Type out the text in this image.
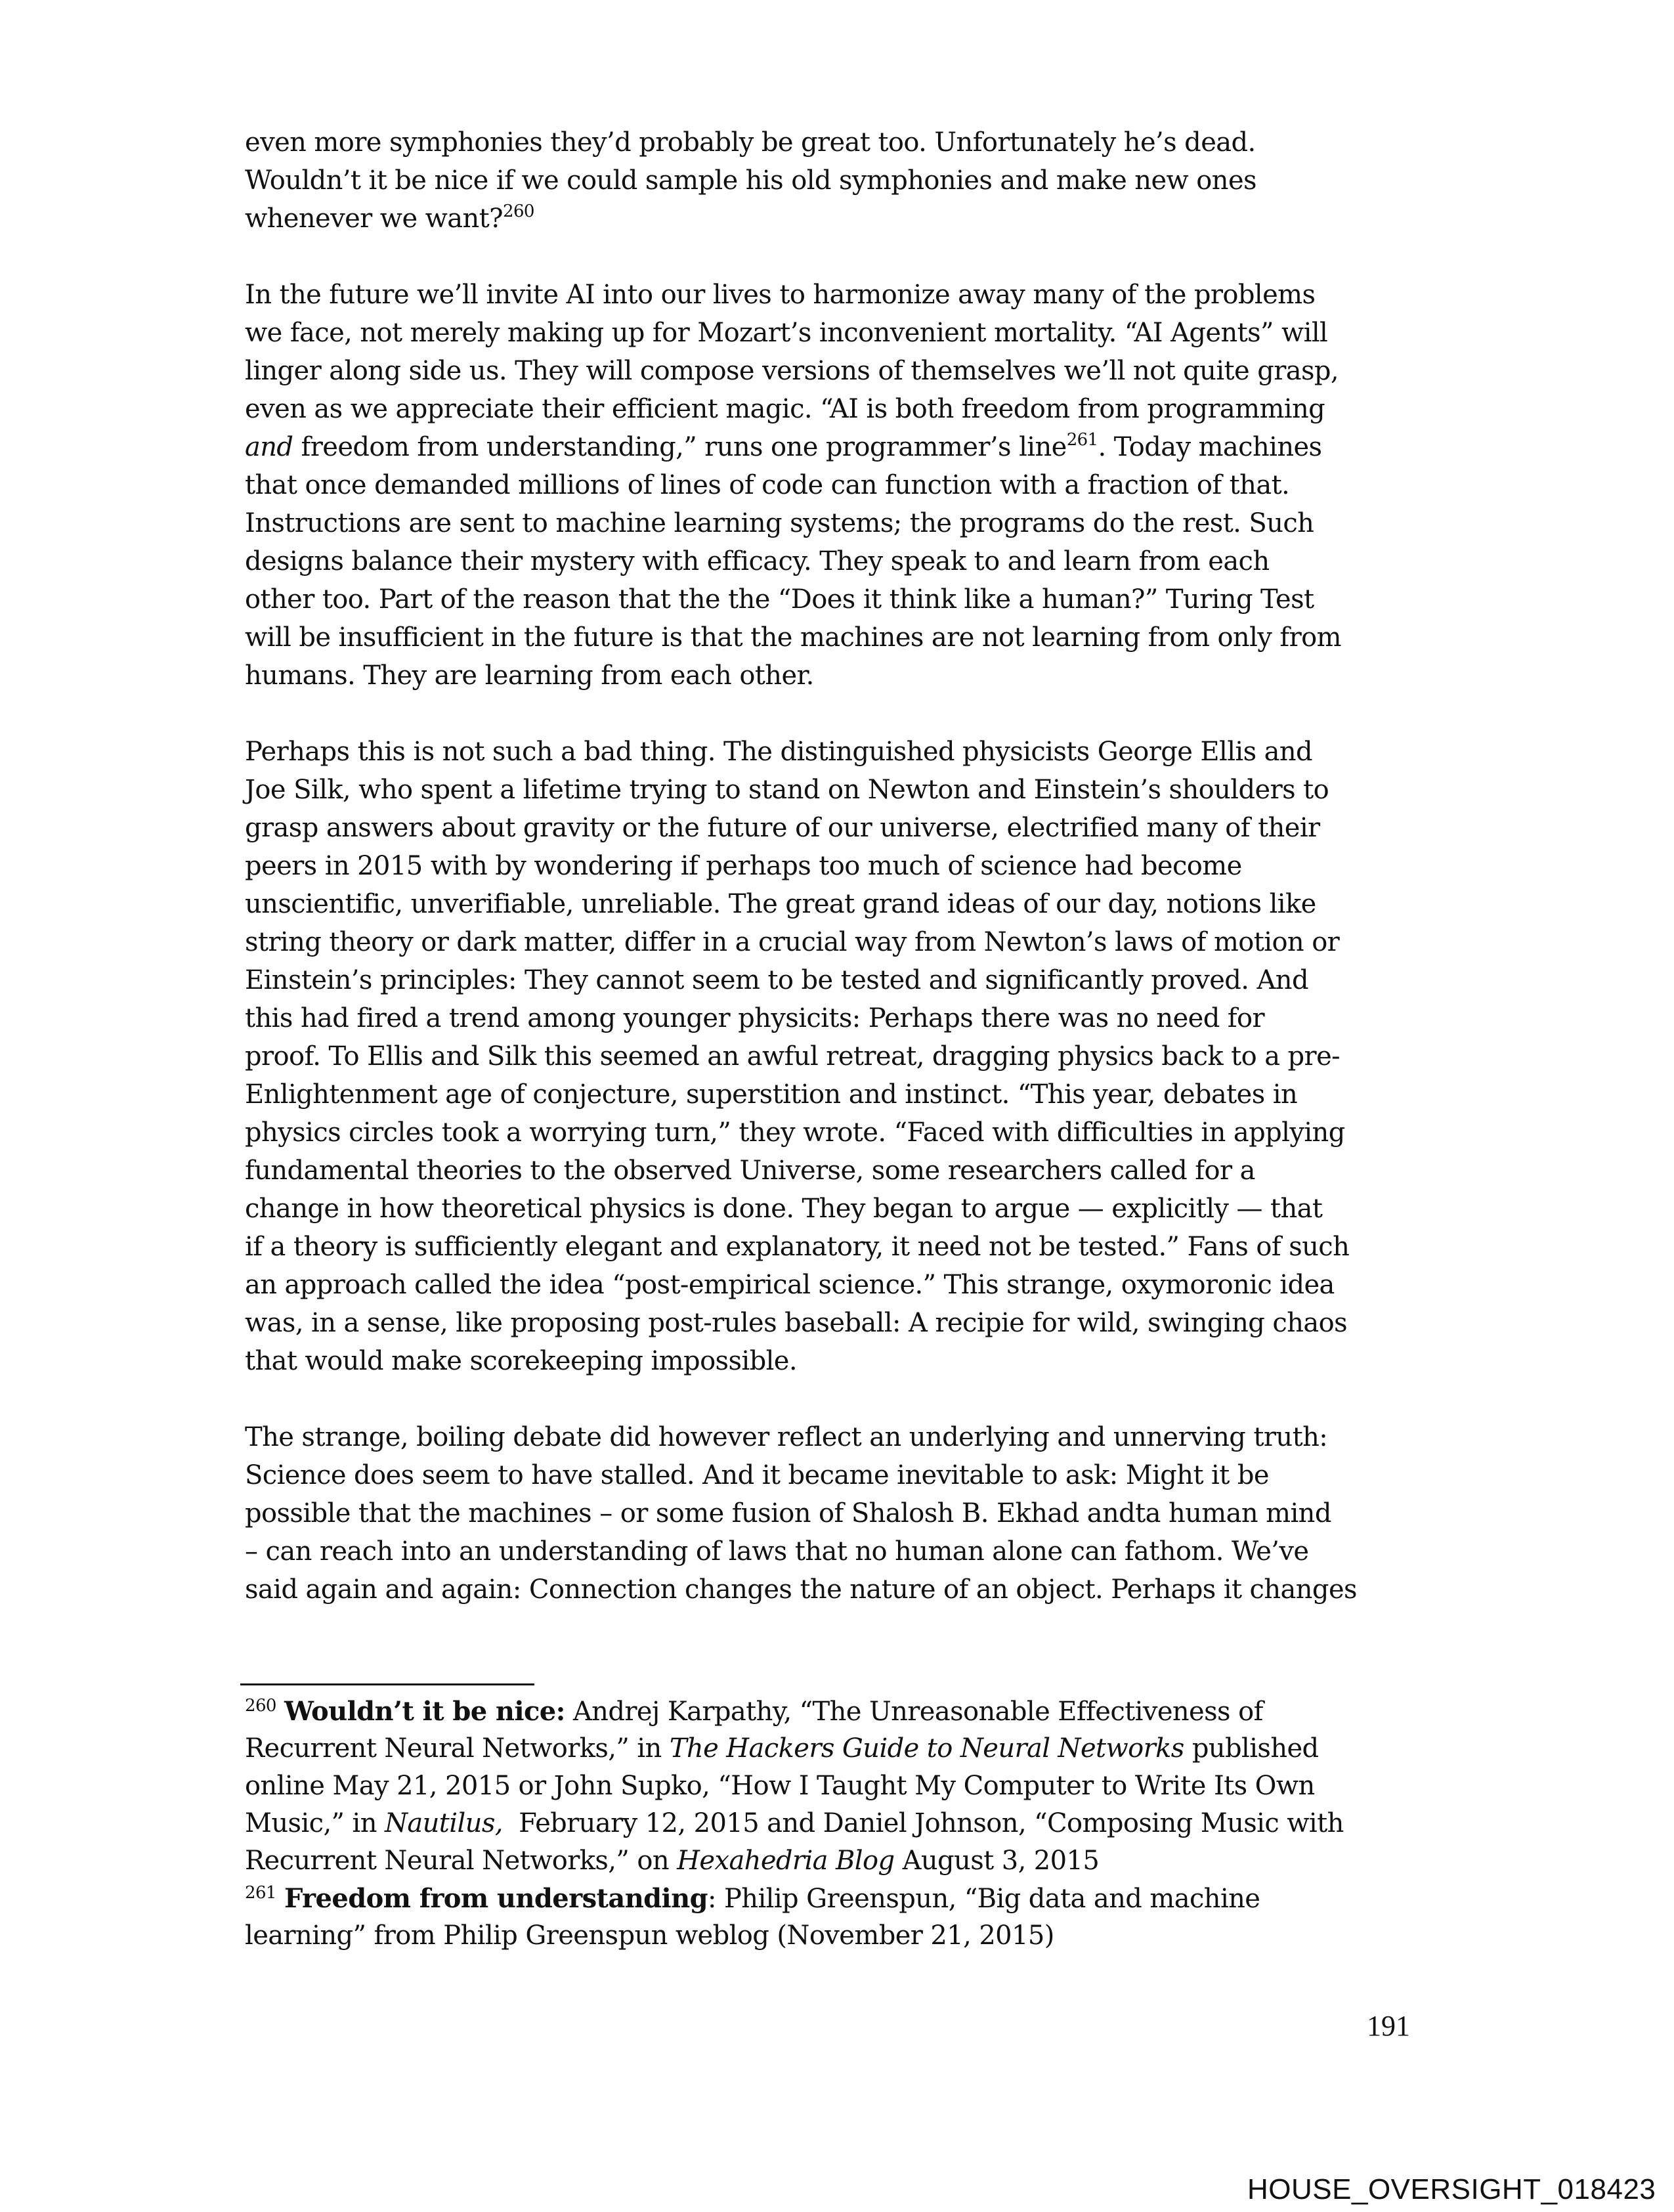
even more symphonies they’d probably be great too. Unfortunately he’s dead.
Wouldn’t it be nice if we could sample his old symphonies and make new ones
whenever we want?$^{260}$
In the future we’ll invite AI into our lives to harmonize away many of the problems
we face, not merely making up for Mozart’s inconvenient mortality. “AI Agents” will
linger along side us. They will compose versions of themselves we’ll not quite grasp,
even as we appreciate their efficient magic. “AI is both freedom from programming
and freedom from understanding,” runs one programmer’s line$^{261}$. Today machines
that once demanded millions of lines of code can function with a fraction of that.
Instructions are sent to machine learning systems; the programs do the rest. Such
designs balance their mystery with efficacy. They speak to and learn from each
other too. Part of the reason that the the “Does it think like a human?” Turing Test
will be insufficient in the future is that the machines are not learning from only from
humans. They are learning from each other.
Perhaps this is not such a bad thing. The distinguished physicists George Ellis and
Joe Silk, who spent a lifetime trying to stand on Newton and Einstein’s shoulders to
grasp answers about gravity or the future of our universe, electrified many of their
peers in 2015 with by wondering if perhaps too much of science had become
unscientific, unverifiable, unreliable. The great grand ideas of our day, notions like
string theory or dark matter, differ in a crucial way from Newton’s laws of motion or
Einstein’s principles: They cannot seem to be tested and significantly proved. And
this had fired a trend among younger physicits: Perhaps there was no need for
proof. To Ellis and Silk this seemed an awful retreat, dragging physics back to a pre-
Enlightenment age of conjecture, superstition and instinct. “This year, debates in
physics circles took a worrying turn,” they wrote. “Faced with difficulties in applying
fundamental theories to the observed Universe, some researchers called for a
change in how theoretical physics is done. They began to argue — explicitly — that
if a theory is sufficiently elegant and explanatory, it need not be tested.” Fans of such
an approach called the idea “post-empirical science.” This strange, oxymoronic idea
was, in a sense, like proposing post-rules baseball: A recipie for wild, swinging chaos
that would make scorekeeping impossible.
The strange, boiling debate did however reflect an underlying and unnerving truth:
Science does seem to have stalled. And it became inevitable to ask: Might it be
possible that the machines – or some fusion of Shalosh B. Ekhad andta human mind
– can reach into an understanding of laws that no human alone can fathom. We’ve
said again and again: Connection changes the nature of an object. Perhaps it changes
$^{260}$ Wouldn’t it be nice: Andrej Karpathy, “The Unreasonable Effectiveness of
Recurrent Neural Networks,” in The Hackers Guide to Neural Networks published
online May 21, 2015 or John Supko, “How I Taught My Computer to Write Its Own
Music,” in Nautilus,  February 12, 2015 and Daniel Johnson, “Composing Music with
Recurrent Neural Networks,” on Hexahedria Blog August 3, 2015
$^{261}$ Freedom from understanding: Philip Greenspun, “Big data and machine
learning” from Philip Greenspun weblog (November 21, 2015)
191
HOUSE_OVERSIGHT_018423
